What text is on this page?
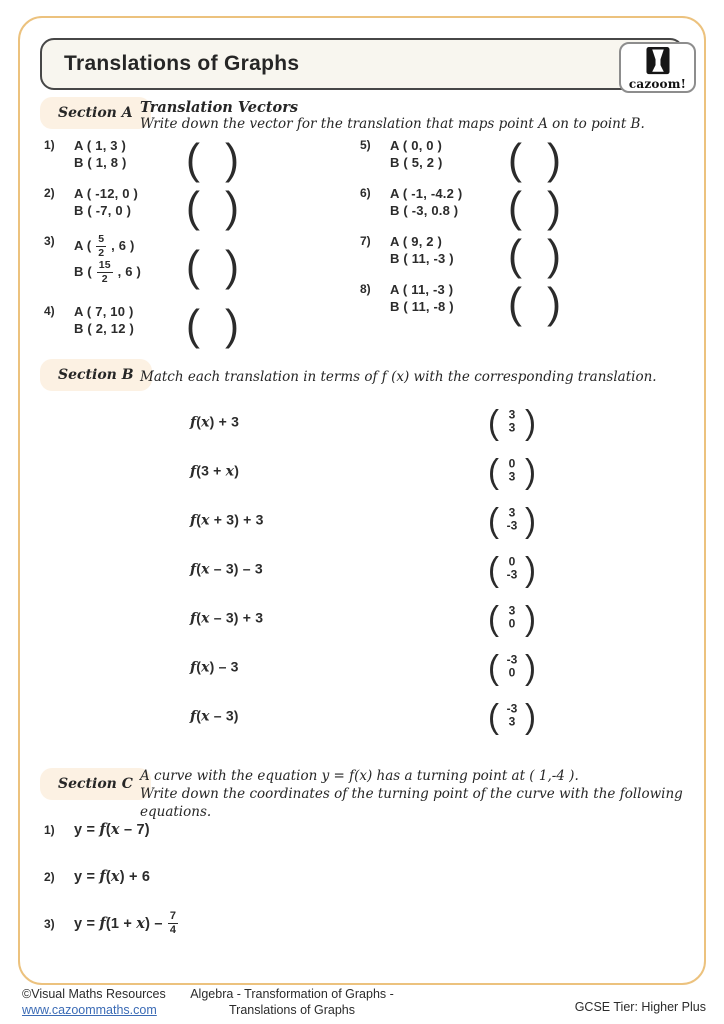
Translations of Graphs
cazoom!
Section A Translation Vectors
Write down the vector for the translation that maps point A on to point B.
1)	A ( 1, 3 )
B ( 1, 8 )	( )
2)	A ( -12, 0 )
B ( -7, 0 )	( )
3)	A ( $\frac{5}{2}$ , 6 )
B ( $\frac{15}{2}$ , 6 )	( )
4)	A ( 7, 10 )
B ( 2, 12 )	( )
5)	A ( 0, 0 )
B ( 5, 2 )	( )
6)	A ( -1, -4.2 )
B ( -3, 0.8 )	( )
7)	A ( 9, 2 )
B ( 11, -3 )	( )
8)	A ( 11, -3 )
B ( 11, -8 )	( )
Section B Match each translation in terms of f (x) with the corresponding translation.
f(x) + 3	( 3
3 )
f(3 + x)	( 0
3 )
f(x + 3) + 3	( 3
-3 )
f(x – 3) – 3	( 0
-3 )
f(x – 3) + 3	( 3
0 )
f(x) – 3	( -3
0 )
f(x – 3)	( -3
3 )
Section C A curve with the equation y = f(x) has a turning point at ( 1,-4 ).
Write down the coordinates of the turning point of the curve with the following equations.
1)	y = f ( x – 7)
2)	y = f ( x ) + 6
3)	y = f (1 + x ) – $\frac{7}{4}$
©Visual Maths Resources
www.cazoommaths.com
Algebra - Transformation of Graphs -
Translations of Graphs	GCSE Tier: Higher Plus
